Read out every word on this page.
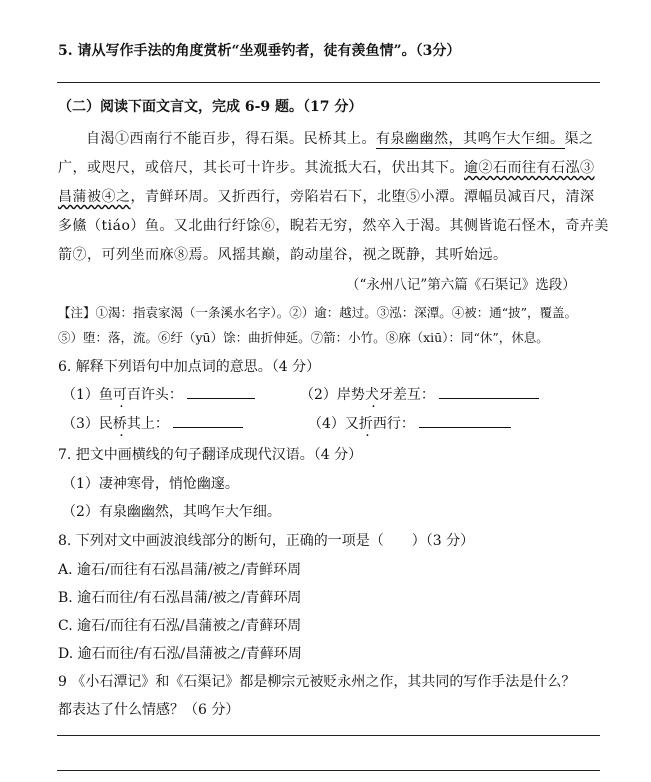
5. 请从写作手法的角度赏析“坐观垂钓者，徒有羡鱼情”。（3分）
（二）阅读下面文言文，完成 6-9 题。（17 分）
自渴①西南行不能百步，得石渠。民桥其上。有泉幽幽然，其鸣乍大乍细。渠之
广，或咫尺，或倍尺，其长可十许步。其流抵大石，伏出其下。逾②石而往有石泓③
昌蒲被④之，青鲜环周。又折西行，旁陷岩石下，北堕⑤小潭。潭幅员减百尺，清深
多鯈（tiáo）鱼。又北曲行纡馀⑥，睨若无穷，然卒入于渴。其侧皆诡石怪木，奇卉美
箭⑦，可列坐而庥⑧焉。风摇其巅，韵动崖谷，视之既静，其听始远。
（“永州八记”第六篇《石渠记》选段）
【注】①渴：指袁家渴（一条溪水名字）。②）逾：越过。③泓：深潭。④被：通“披”，覆盖。
⑤）堕：落，流。⑥纡（yū）馀：曲折伸延。⑦箭：小竹。⑧庥（xiū）：同“休”，休息。
6. 解释下列语句中加点词的意思。（4 分）
（1）鱼可百许头：	（2）岸势犬牙差互：
（3）民桥其上：	（4）又折西行：
7. 把文中画横线的句子翻译成现代汉语。（4 分）
（1）凄神寒骨，悄怆幽邃。
（2）有泉幽幽然，其鸣乍大乍细。
8. 下列对文中画波浪线部分的断句，正确的一项是（　　）（3 分）
A. 逾石/而往有石泓昌蒲/被之/青鲜环周
B. 逾石而往/有石泓昌蒲/被之/青藓环周
C. 逾石/而往有石泓/昌蒲被之/青藓环周
D. 逾石而往/有石泓/昌蒲被之/青藓环周
9 《小石潭记》和《石渠记》都是柳宗元被贬永州之作，其共同的写作手法是什么？
都表达了什么情感？（6 分）
